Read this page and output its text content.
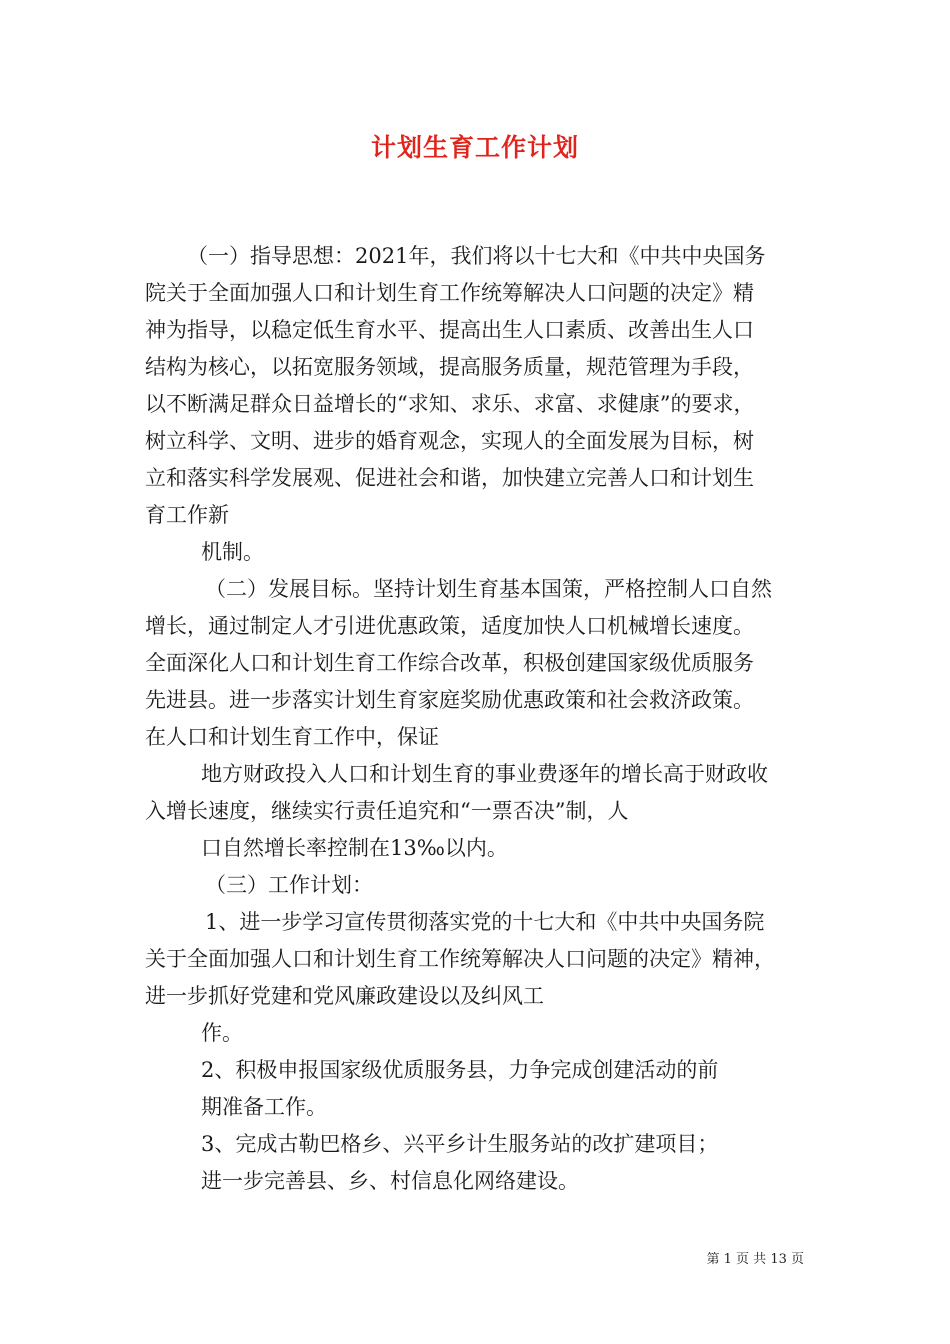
计划生育工作计划
（一）指导思想：2021年，我们将以十七大和《中共中央国务
院关于全面加强人口和计划生育工作统筹解决人口问题的决定》精
神为指导，以稳定低生育水平、提高出生人口素质、改善出生人口
结构为核心，以拓宽服务领域，提高服务质量，规范管理为手段，
以不断满足群众日益增长的“求知、求乐、求富、求健康”的要求，
树立科学、文明、进步的婚育观念，实现人的全面发展为目标，树
立和落实科学发展观、促进社会和谐，加快建立完善人口和计划生
育工作新
机制。
（二）发展目标。坚持计划生育基本国策，严格控制人口自然
增长，通过制定人才引进优惠政策，适度加快人口机械增长速度。
全面深化人口和计划生育工作综合改革，积极创建国家级优质服务
先进县。进一步落实计划生育家庭奖励优惠政策和社会救济政策。
在人口和计划生育工作中，保证
地方财政投入人口和计划生育的事业费逐年的增长高于财政收
入增长速度，继续实行责任追究和“一票否决”制，人
口自然增长率控制在13‰以内。
（三）工作计划：
1、进一步学习宣传贯彻落实党的十七大和《中共中央国务院
关于全面加强人口和计划生育工作统筹解决人口问题的决定》精神，
进一步抓好党建和党风廉政建设以及纠风工
作。
2、积极申报国家级优质服务县，力争完成创建活动的前
期准备工作。
3、完成古勒巴格乡、兴平乡计生服务站的改扩建项目；
进一步完善县、乡、村信息化网络建设。
第 1 页 共 13 页
